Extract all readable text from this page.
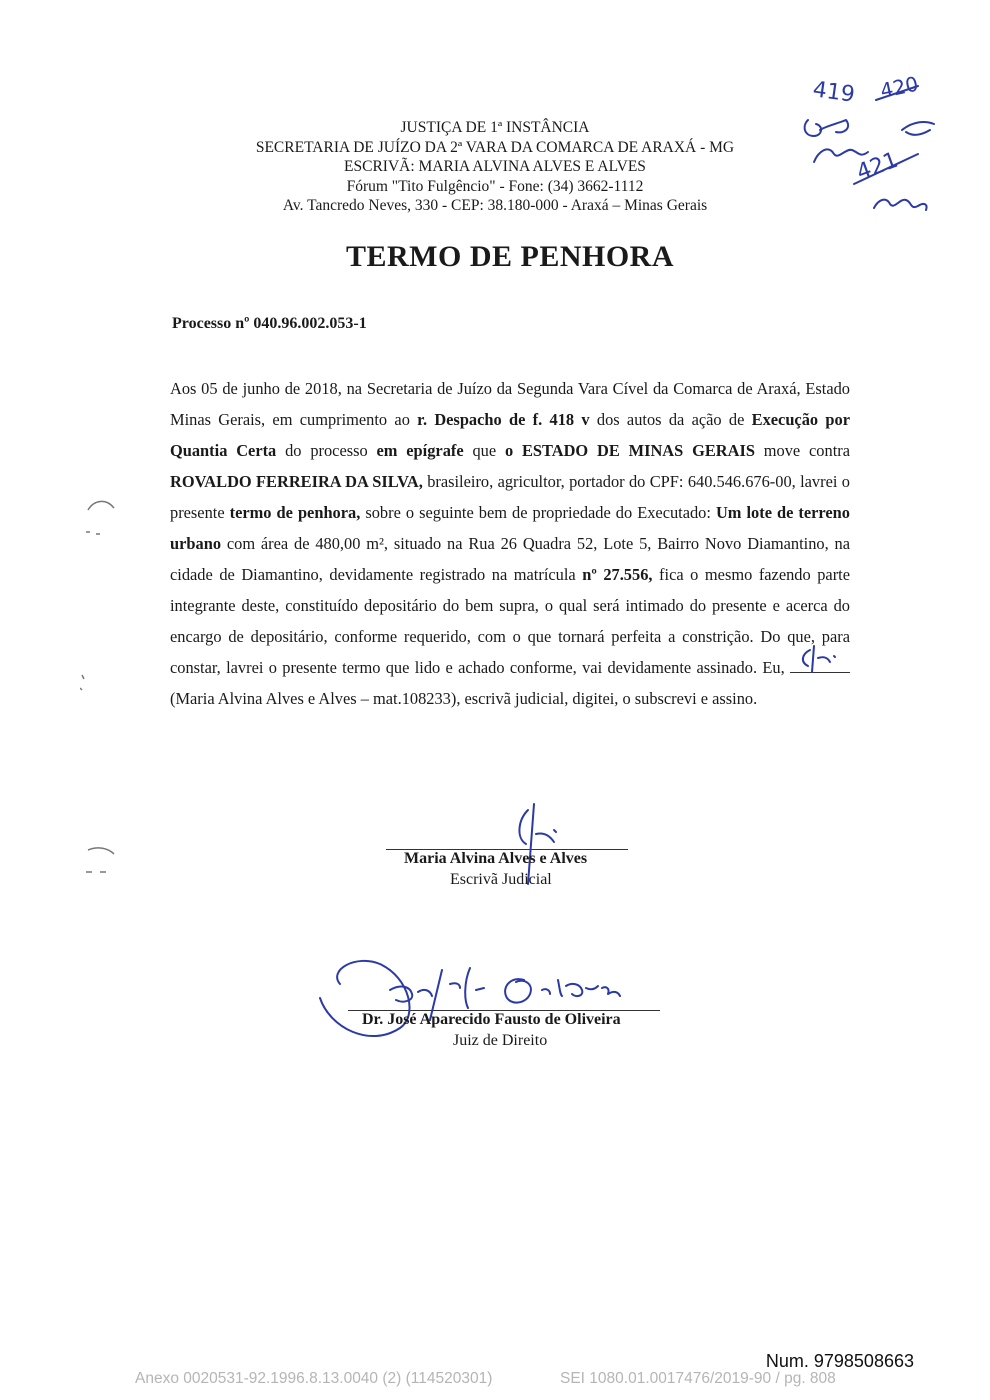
JUSTIÇA DE 1ª INSTÂNCIA
SECRETARIA DE JUÍZO DA 2ª VARA DA COMARCA DE ARAXÁ - MG
ESCRIVÃ: MARIA ALVINA ALVES E ALVES
Fórum "Tito Fulgêncio" - Fone: (34) 3662-1112
Av. Tancredo Neves, 330 - CEP: 38.180-000 - Araxá – Minas Gerais
419 420
421
TERMO DE PENHORA
Processo nº 040.96.002.053-1
Aos 05 de junho de 2018, na Secretaria de Juízo da Segunda Vara Cível da Comarca de Araxá, Estado Minas Gerais, em cumprimento ao r. Despacho de f. 418 v dos autos da ação de Execução por Quantia Certa do processo em epígrafe que o ESTADO DE MINAS GERAIS move contra ROVALDO FERREIRA DA SILVA, brasileiro, agricultor, portador do CPF: 640.546.676-00, lavrei o presente termo de penhora, sobre o seguinte bem de propriedade do Executado: Um lote de terreno urbano com área de 480,00 m², situado na Rua 26 Quadra 52, Lote 5, Bairro Novo Diamantino, na cidade de Diamantino, devidamente registrado na matrícula nº 27.556, fica o mesmo fazendo parte integrante deste, constituído depositário do bem supra, o qual será intimado do presente e acerca do encargo de depositário, conforme requerido, com o que tornará perfeita a constrição. Do que, para constar, lavrei o presente termo que lido e achado conforme, vai devidamente assinado. Eu,
(Maria Alvina Alves e Alves – mat.108233), escrivã judicial, digitei, o subscrevi e assino.
Maria Alvina Alves e Alves
Escrivã Judicial
Dr. José Aparecido Fausto de Oliveira
Juiz de Direito
Num. 9798508663
Anexo 0020531-92.1996.8.13.0040 (2) (114520301)	SEI 1080.01.0017476/2019-90 / pg. 808
